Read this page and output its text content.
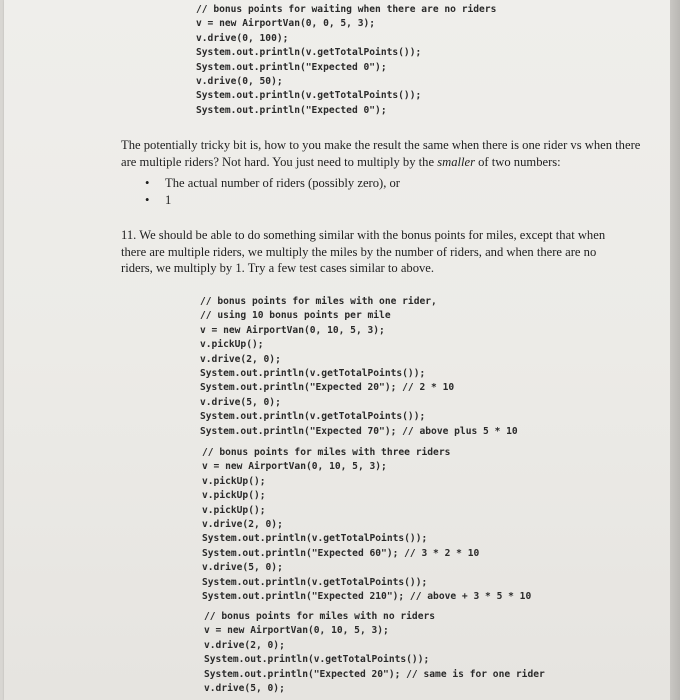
// bonus points for waiting when there are no riders
v = new AirportVan(0, 0, 5, 3);
v.drive(0, 100);
System.out.println(v.getTotalPoints());
System.out.println("Expected 0");
v.drive(0, 50);
System.out.println(v.getTotalPoints());
System.out.println("Expected 0");

The potentially tricky bit is, how to you make the result the same when there is one rider vs when there are multiple riders? Not hard. You just need to multiply by the smaller of two numbers:

• The actual number of riders (possibly zero), or
• 1

11. We should be able to do something similar with the bonus points for miles, except that when there are multiple riders, we multiply the miles by the number of riders, and when there are no riders, we multiply by 1. Try a few test cases similar to above.

// bonus points for miles with one rider,
// using 10 bonus points per mile
v = new AirportVan(0, 10, 5, 3);
v.pickUp();
v.drive(2, 0);
System.out.println(v.getTotalPoints());
System.out.println("Expected 20"); // 2 * 10
v.drive(5, 0);
System.out.println(v.getTotalPoints());
System.out.println("Expected 70"); // above plus 5 * 10
// bonus points for miles with three riders
v = new AirportVan(0, 10, 5, 3);
v.pickUp();
v.pickUp();
v.pickUp();
v.drive(2, 0);
System.out.println(v.getTotalPoints());
System.out.println("Expected 60"); // 3 * 2 * 10
v.drive(5, 0);
System.out.println(v.getTotalPoints());
System.out.println("Expected 210"); // above + 3 * 5 * 10
// bonus points for miles with no riders
v = new AirportVan(0, 10, 5, 3);
v.drive(2, 0);
System.out.println(v.getTotalPoints());
System.out.println("Expected 20"); // same is for one rider
v.drive(5, 0);
